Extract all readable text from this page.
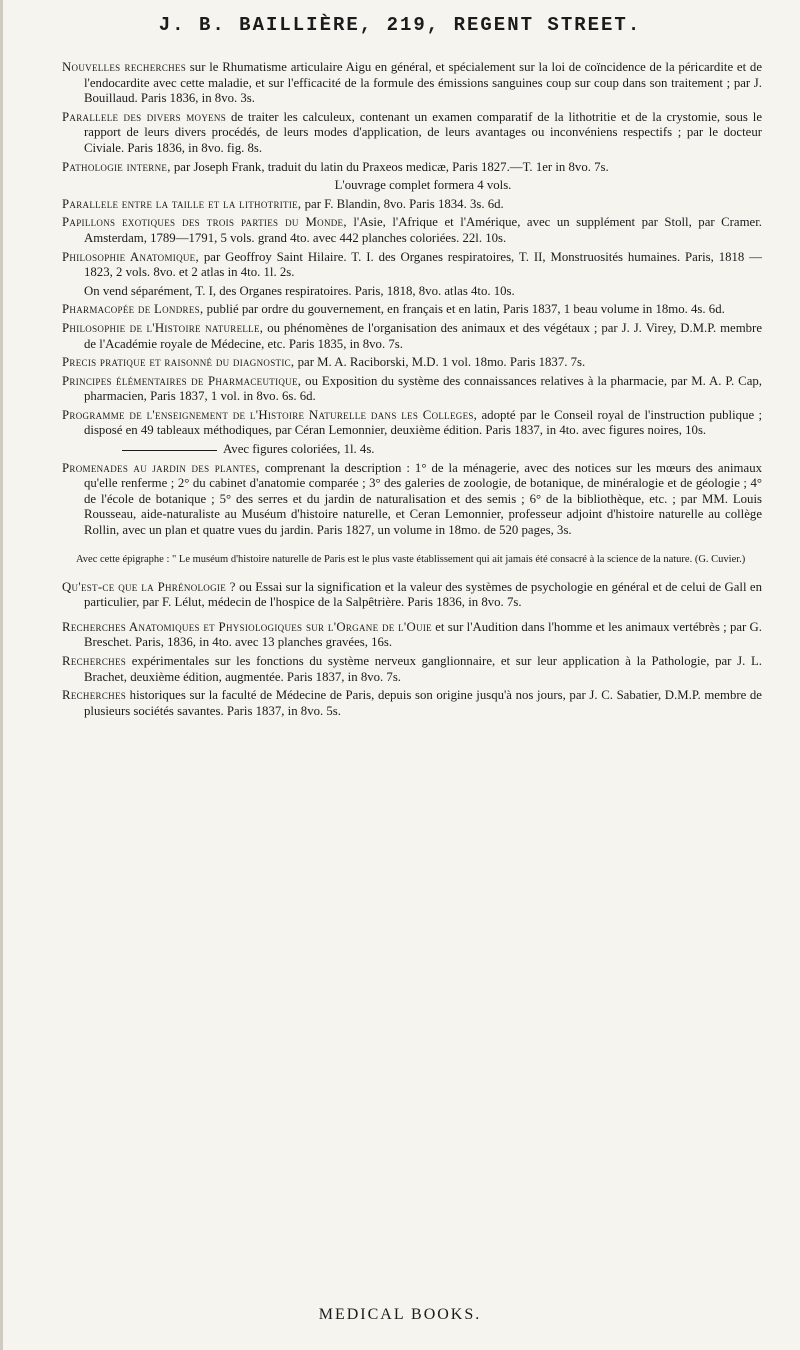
J. B. BAILLIÈRE, 219, REGENT STREET.
Nouvelles recherches sur le Rhumatisme articulaire Aigu en général, et spécialement sur la loi de coïncidence de la péricardite et de l'endocardite avec cette maladie, et sur l'efficacité de la formule des émissions sanguines coup sur coup dans son traitement ; par J. Bouillaud. Paris 1836, in 8vo. 3s.
Parallele des divers moyens de traiter les calculeux, contenant un examen comparatif de la lithotritie et de la crystomie, sous le rapport de leurs divers procédés, de leurs modes d'application, de leurs avantages ou inconvéniens respectifs ; par le docteur Civiale. Paris 1836, in 8vo. fig. 8s.
Pathologie interne, par Joseph Frank, traduit du latin du Praxeos medicæ, Paris 1827.—T. 1er in 8vo. 7s.
L'ouvrage complet formera 4 vols.
Parallele entre la taille et la lithotritie, par F. Blandin, 8vo. Paris 1834. 3s. 6d.
Papillons exotiques des trois parties du Monde, l'Asie, l'Afrique et l'Amérique, avec un supplément par Stoll, par Cramer. Amsterdam, 1789—1791, 5 vols. grand 4to. avec 442 planches coloriées. 22l. 10s.
Philosophie Anatomique, par Geoffroy Saint Hilaire. T. I. des Organes respiratoires, T. II, Monstruosités humaines. Paris, 1818 — 1823, 2 vols. 8vo. et 2 atlas in 4to. 1l. 2s.
On vend séparément, T. I, des Organes respiratoires. Paris, 1818, 8vo. atlas 4to. 10s.
Pharmacopée de Londres, publié par ordre du gouvernement, en français et en latin, Paris 1837, 1 beau volume in 18mo. 4s. 6d.
Philosophie de l'Histoire naturelle, ou phénomènes de l'organisation des animaux et des végétaux ; par J. J. Virey, D.M.P. membre de l'Académie royale de Médecine, etc. Paris 1835, in 8vo. 7s.
Precis pratique et raisonné du diagnostic, par M. A. Raciborski, M.D. 1 vol. 18mo. Paris 1837. 7s.
Principes élémentaires de Pharmaceutique, ou Exposition du système des connaissances relatives à la pharmacie, par M. A. P. Cap, pharmacien, Paris 1837, 1 vol. in 8vo. 6s. 6d.
Programme de l'enseignement de l'Histoire Naturelle dans les Colleges, adopté par le Conseil royal de l'instruction publique ; disposé en 49 tableaux méthodiques, par Céran Lemonnier, deuxième édition. Paris 1837, in 4to. avec figures noires, 10s.
Avec figures coloriées, 1l. 4s.
Promenades au jardin des plantes, comprenant la description : 1° de la ménagerie, avec des notices sur les mœurs des animaux qu'elle renferme ; 2° du cabinet d'anatomie comparée ; 3° des galeries de zoologie, de botanique, de minéralogie et de géologie ; 4° de l'école de botanique ; 5° des serres et du jardin de naturalisation et des semis ; 6° de la bibliothèque, etc. ; par MM. Louis Rousseau, aide-naturaliste au Muséum d'histoire naturelle, et Ceran Lemonnier, professeur adjoint d'histoire naturelle au collège Rollin, avec un plan et quatre vues du jardin. Paris 1827, un volume in 18mo. de 520 pages, 3s.
Avec cette épigraphe : " Le muséum d'histoire naturelle de Paris est le plus vaste établissement qui ait jamais été consacré à la science de la nature. (G. Cuvier.)
Qu'est-ce que la Phrénologie ? ou Essai sur la signification et la valeur des systèmes de psychologie en général et de celui de Gall en particulier, par F. Lélut, médecin de l'hospice de la Salpêtrière. Paris 1836, in 8vo. 7s.
Recherches Anatomiques et Physiologiques sur l'Organe de l'Ouie et sur l'Audition dans l'homme et les animaux vertébrès ; par G. Breschet. Paris, 1836, in 4to. avec 13 planches gravées, 16s.
Recherches expérimentales sur les fonctions du système nerveux ganglionnaire, et sur leur application à la Pathologie, par J. L. Brachet, deuxième édition, augmentée. Paris 1837, in 8vo. 7s.
Recherches historiques sur la faculté de Médecine de Paris, depuis son origine jusqu'à nos jours, par J. C. Sabatier, D.M.P. membre de plusieurs sociétés savantes. Paris 1837, in 8vo. 5s.
MEDICAL BOOKS.
